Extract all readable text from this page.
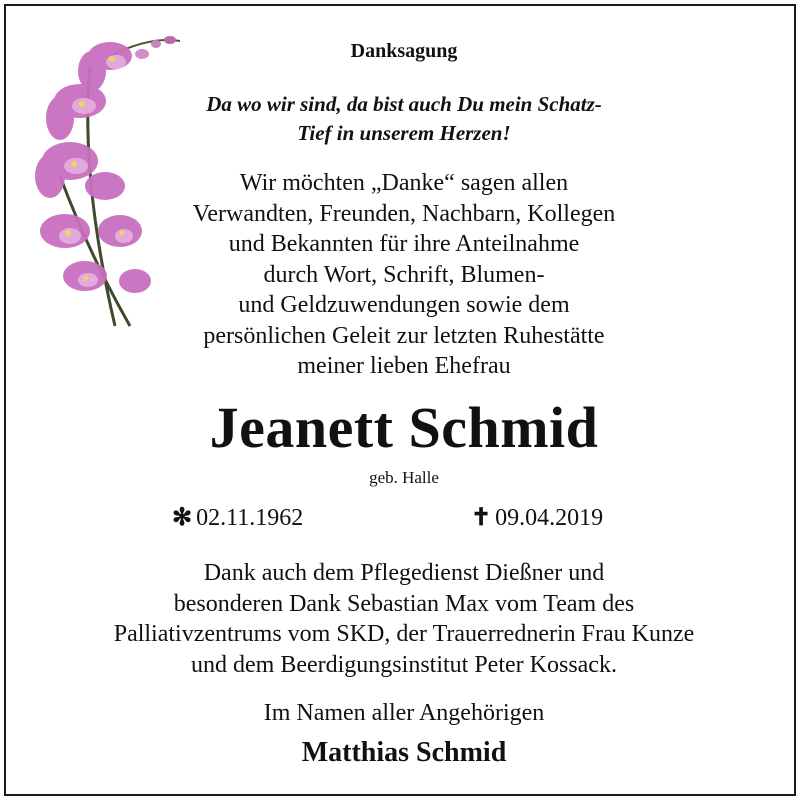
Danksagung
Da wo wir sind, da bist auch Du mein Schatz-
Tief in unserem Herzen!
Wir möchten „Danke“ sagen allen
Verwandten, Freunden, Nachbarn, Kollegen
und Bekannten für ihre Anteilnahme
durch Wort, Schrift, Blumen-
und Geldzuwendungen sowie dem
persönlichen Geleit zur letzten Ruhestätte
meiner lieben Ehefrau
Jeanett Schmid
geb. Halle
✻ 02.11.1962	✝ 09.04.2019
Dank auch dem Pflegedienst Dießner und
besonderen Dank Sebastian Max vom Team des
Palliativzentrums vom SKD, der Trauerrednerin Frau Kunze
und dem Beerdigungsinstitut Peter Kossack.
Im Namen aller Angehörigen
Matthias Schmid
